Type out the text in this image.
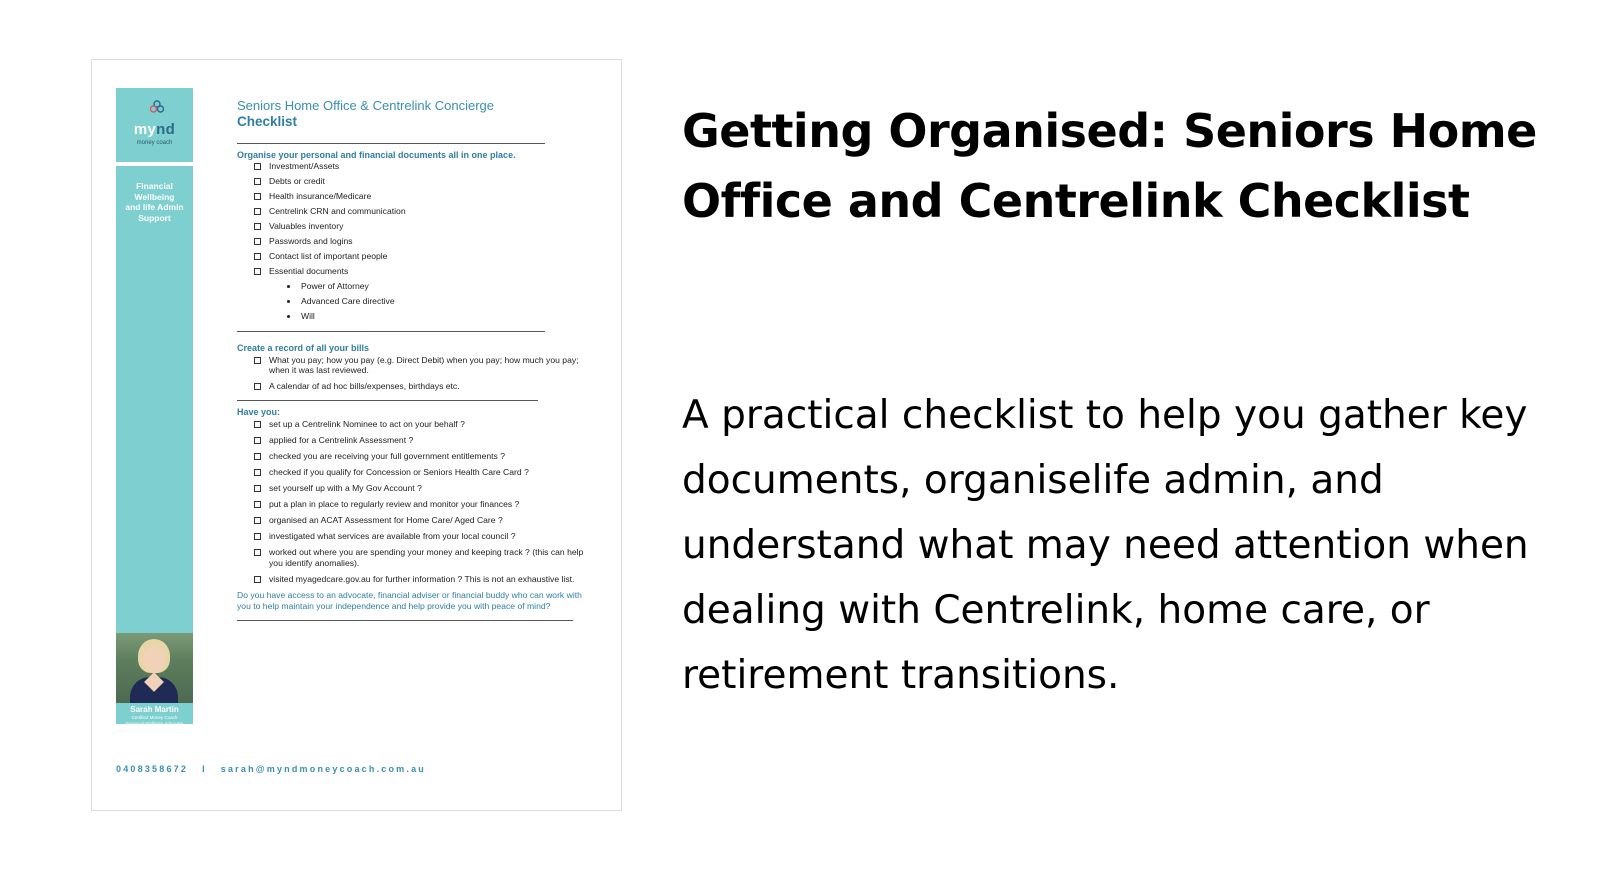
mynd
money coach
Financial
Wellbeing
and life Admin
Support
Sarah Martin
Certified Money Coach
Financial Wellness Advocate
B.Bus Dip FP Adv.Dip FP
Seniors Home Office & Centrelink Concierge
Checklist
Organise your personal and financial documents all in one place.
Investment/Assets
Debts or credit
Health insurance/Medicare
Centrelink CRN and communication
Valuables inventory
Passwords and logins
Contact list of important people
Essential documents
Power of Attorney
Advanced Care directive
Will
Create a record of all your bills
What you pay; how you pay (e.g. Direct Debit) when you pay; how much you pay; when it was last reviewed.
A calendar of ad hoc bills/expenses, birthdays etc.
Have you:
set up a Centrelink Nominee to act on your behalf ?
applied for a Centrelink Assessment ?
checked you are receiving your full government entitlements ?
checked if you qualify for Concession or Seniors Health Care Card ?
set yourself up with a My Gov Account ?
put a plan in place to regularly review and monitor your finances ?
organised an ACAT Assessment for Home Care/ Aged Care ?
investigated what services are available from your local council ?
worked out where you are spending your money and keeping track ? (this can help you identify anomalies).
visited myagedcare.gov.au for further information ? This is not an exhaustive list.
Do you have access to an advocate, financial adviser or financial buddy who can work with you to help maintain your independence and help provide you with peace of mind?
0408358672 I sarah@myndmoneycoach.com.au
Getting Organised: Seniors Home Office and Centrelink Checklist
A practical checklist to help you gather key documents, organiselife admin, and understand what may need attention when dealing with Centrelink, home care, or retirement transitions.
